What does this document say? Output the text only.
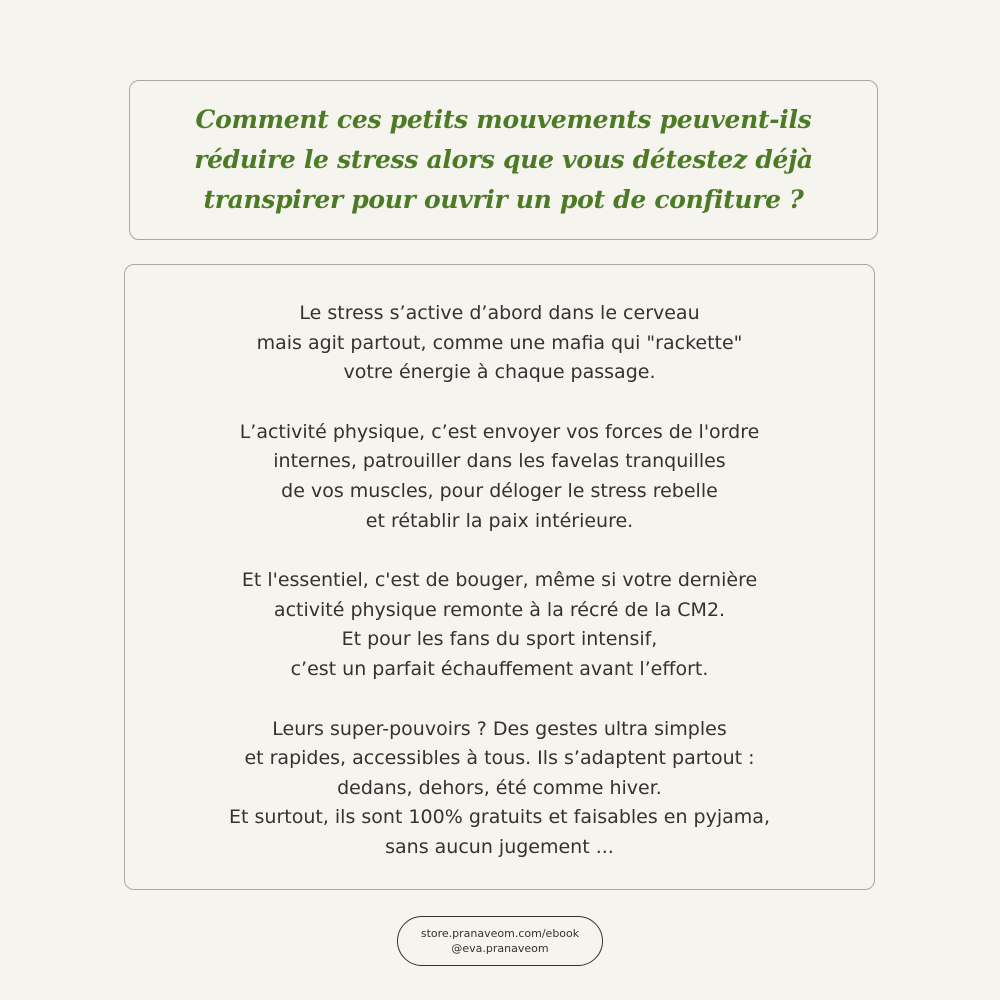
Comment ces petits mouvements peuvent-ils
réduire le stress alors que vous détestez déjà
transpirer pour ouvrir un pot de confiture ?

Le stress s’active d’abord dans le cerveau
mais agit partout, comme une mafia qui "rackette"
votre énergie à chaque passage.

L’activité physique, c’est envoyer vos forces de l'ordre
internes, patrouiller dans les favelas tranquilles
de vos muscles, pour déloger le stress rebelle
et rétablir la paix intérieure.

Et l'essentiel, c'est de bouger, même si votre dernière
activité physique remonte à la récré de la CM2.
Et pour les fans du sport intensif,
c’est un parfait échauffement avant l’effort.

Leurs super-pouvoirs ? Des gestes ultra simples
et rapides, accessibles à tous. Ils s’adaptent partout :
dedans, dehors, été comme hiver.
Et surtout, ils sont 100% gratuits et faisables en pyjama,
sans aucun jugement ...

store.pranaveom.com/ebook
@eva.pranaveom
